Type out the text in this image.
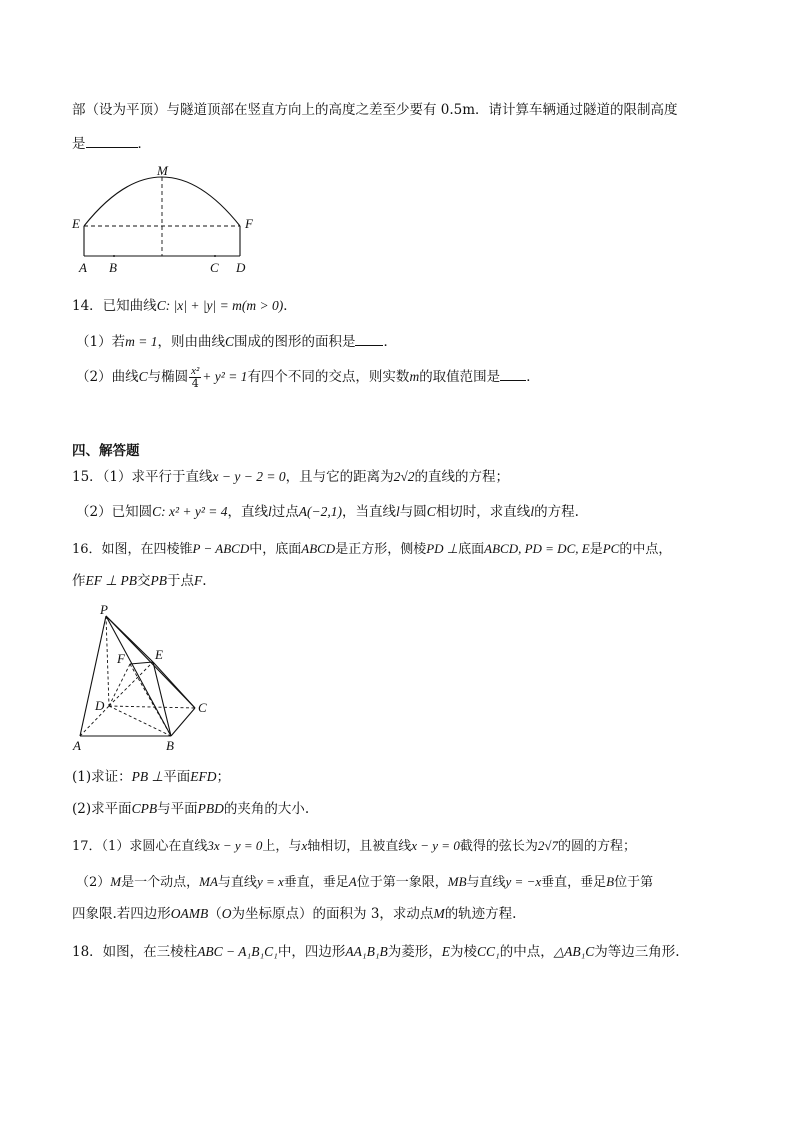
部（设为平顶）与隧道顶部在竖直方向上的高度之差至少要有 0.5m．请计算车辆通过隧道的限制高度
是	．
M
E	F
A B	C D
14．已知曲线C: |x| + |y| = m(m > 0)．
（1）若m = 1，则由曲线C围成的图形的面积是 ．
（2）曲线C与椭圆 $\frac{\text{x²}}{4} + y^2 = 1$有四个不同的交点，则实数m的取值范围是 ．
四、解答题
15．（1）求平行于直线x − y − 2 = 0，且与它的距离为2√2的直线的方程；
（2）已知圆C: x² + y² = 4，直线l过点A(−2,1)，当直线l与圆C相切时，求直线l的方程.
16．如图，在四棱锥P − ABCD中，底面ABCD是正方形，侧棱PD ⊥底面ABCD, PD = DC, E是PC的中点，
作EF ⊥ PB交PB于点F.
P
F E
D	C
A	B
(1)求证：PB ⊥平面EFD；
(2)求平面CPB与平面PBD的夹角的大小.
17．（1）求圆心在直线3x − y = 0上，与x轴相切，且被直线x − y = 0截得的弦长为2√7的圆的方程；
（2）M是一个动点，MA与直线y = x垂直，垂足A位于第一象限，MB与直线y = −x垂直，垂足B位于第
四象限.若四边形OAMB（O为坐标原点）的面积为 3，求动点M的轨迹方程.
18．如图，在三棱柱ABC − A₁B₁C₁中，四边形AA₁B₁B为菱形，E为棱CC₁的中点，△AB₁C为等边三角形.
